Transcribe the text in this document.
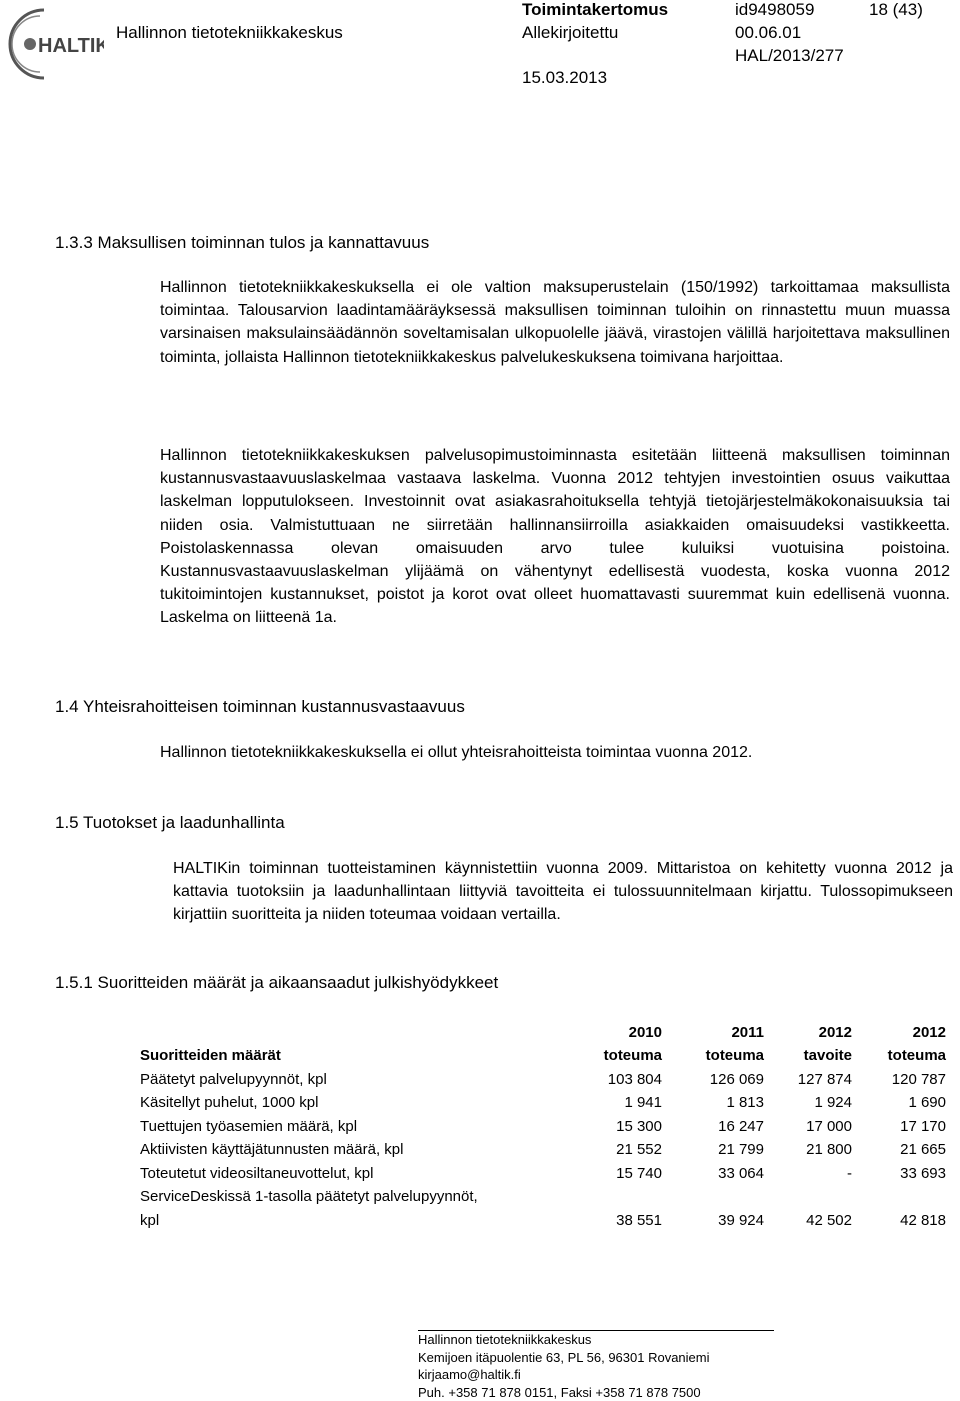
HALTIK
Hallinnon tietotekniikkakeskus
Toimintakertomus
Allekirjoitettu
15.03.2013
id9498059	18 (43)
00.06.01
HAL/2013/277
1.3.3 Maksullisen toiminnan tulos ja kannattavuus

Hallinnon tietotekniikkakeskuksella ei ole valtion maksuperustelain (150/1992) tarkoittamaa maksullista toimintaa. Talousarvion laadintamääräyksessä maksullisen toiminnan tuloihin on rinnastettu muun muassa varsinaisen maksulainsäädännön soveltamisalan ulkopuolelle jäävä, virastojen välillä harjoitettava maksullinen toiminta, jollaista Hallinnon tietotekniikkakeskus palvelukeskuksena toimivana harjoittaa.

Hallinnon tietotekniikkakeskuksen palvelusopimustoiminnasta esitetään liitteenä maksullisen toiminnan kustannusvastaavuuslaskelmaa vastaava laskelma. Vuonna 2012 tehtyjen investointien osuus vaikuttaa laskelman lopputulokseen. Investoinnit ovat asiakasrahoituksella tehtyjä tietojärjestelmäkokonaisuuksia tai niiden osia. Valmistuttuaan ne siirretään hallinnansiirroilla asiakkaiden omaisuudeksi vastikkeetta. Poistolaskennassa olevan omaisuuden arvo tulee kuluiksi vuotuisina poistoina. Kustannusvastaavuuslaskelman ylijäämä on vähentynyt edellisestä vuodesta, koska vuonna 2012 tukitoimintojen kustannukset, poistot ja korot ovat olleet huomattavasti suuremmat kuin edellisenä vuonna. Laskelma on liitteenä 1a.

1.4 Yhteisrahoitteisen toiminnan kustannusvastaavuus

Hallinnon tietotekniikkakeskuksella ei ollut yhteisrahoitteista toimintaa vuonna 2012.

1.5 Tuotokset ja laadunhallinta

HALTIKin toiminnan tuotteistaminen käynnistettiin vuonna 2009. Mittaristoa on kehitetty vuonna 2012 ja kattavia tuotoksiin ja laadunhallintaan liittyviä tavoitteita ei tulossuunnitelmaan kirjattu. Tulossopimukseen kirjattiin suoritteita ja niiden toteumaa voidaan vertailla.

1.5.1 Suoritteiden määrät ja aikaansaadut julkishyödykkeet
	2010	2011	2012	2012
Suoritteiden määrät	toteuma	toteuma	tavoite	toteuma
Päätetyt palvelupyynnöt, kpl	103 804	126 069	127 874	120 787
Käsitellyt puhelut, 1000 kpl	1 941	1 813	1 924	1 690
Tuettujen työasemien määrä, kpl	15 300	16 247	17 000	17 170
Aktiivisten käyttäjätunnusten määrä, kpl	21 552	21 799	21 800	21 665
Toteutetut videosiltaneuvottelut, kpl	15 740	33 064	-	33 693
ServiceDeskissä 1-tasolla päätetyt palvelupyynnöt,				
kpl	38 551	39 924	42 502	42 818
Hallinnon tietotekniikkakeskus
Kemijoen itäpuolentie 63, PL 56, 96301 Rovaniemi
kirjaamo@haltik.fi
Puh. +358 71 878 0151, Faksi +358 71 878 7500
